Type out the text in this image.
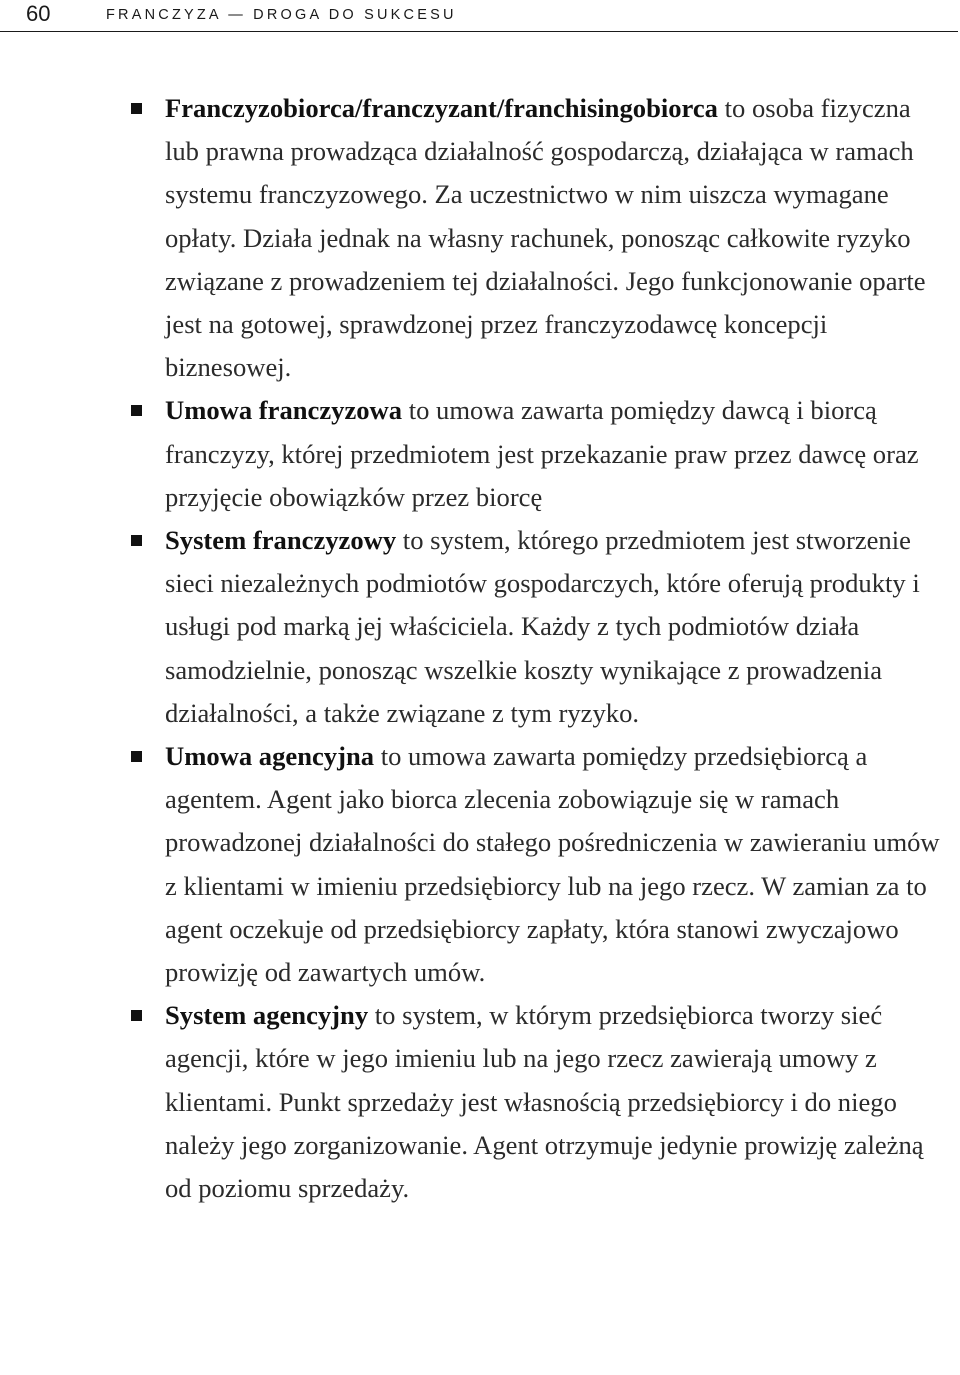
60	FRANCZYZA — DROGA DO SUKCESU
Franczyzobiorca/franczyzant/franchisingobiorca to osoba fizyczna lub prawna prowadząca działalność gospodarczą, działająca w ramach systemu franczyzowego. Za uczestnictwo w nim uiszcza wymagane opłaty. Działa jednak na własny rachunek, ponosząc całkowite ryzyko związane z prowadzeniem tej działalności. Jego funkcjonowanie oparte jest na gotowej, sprawdzonej przez franczyzodawcę koncepcji biznesowej.
Umowa franczyzowa to umowa zawarta pomiędzy dawcą i biorcą franczyzy, której przedmiotem jest przekazanie praw przez dawcę oraz przyjęcie obowiązków przez biorcę
System franczyzowy to system, którego przedmiotem jest stworzenie sieci niezależnych podmiotów gospodarczych, które oferują produkty i usługi pod marką jej właściciela. Każdy z tych podmiotów działa samodzielnie, ponosząc wszelkie koszty wynikające z prowadzenia działalności, a także związane z tym ryzyko.
Umowa agencyjna to umowa zawarta pomiędzy przedsiębiorcą a agentem. Agent jako biorca zlecenia zobowiązuje się w ramach prowadzonej działalności do stałego pośredniczenia w zawieraniu umów z klientami w imieniu przedsiębiorcy lub na jego rzecz. W zamian za to agent oczekuje od przedsiębiorcy zapłaty, która stanowi zwyczajowo prowizję od zawartych umów.
System agencyjny to system, w którym przedsiębiorca tworzy sieć agencji, które w jego imieniu lub na jego rzecz zawierają umowy z klientami. Punkt sprzedaży jest własnością przedsiębiorcy i do niego należy jego zorganizowanie. Agent otrzymuje jedynie prowizję zależną od poziomu sprzedaży.
